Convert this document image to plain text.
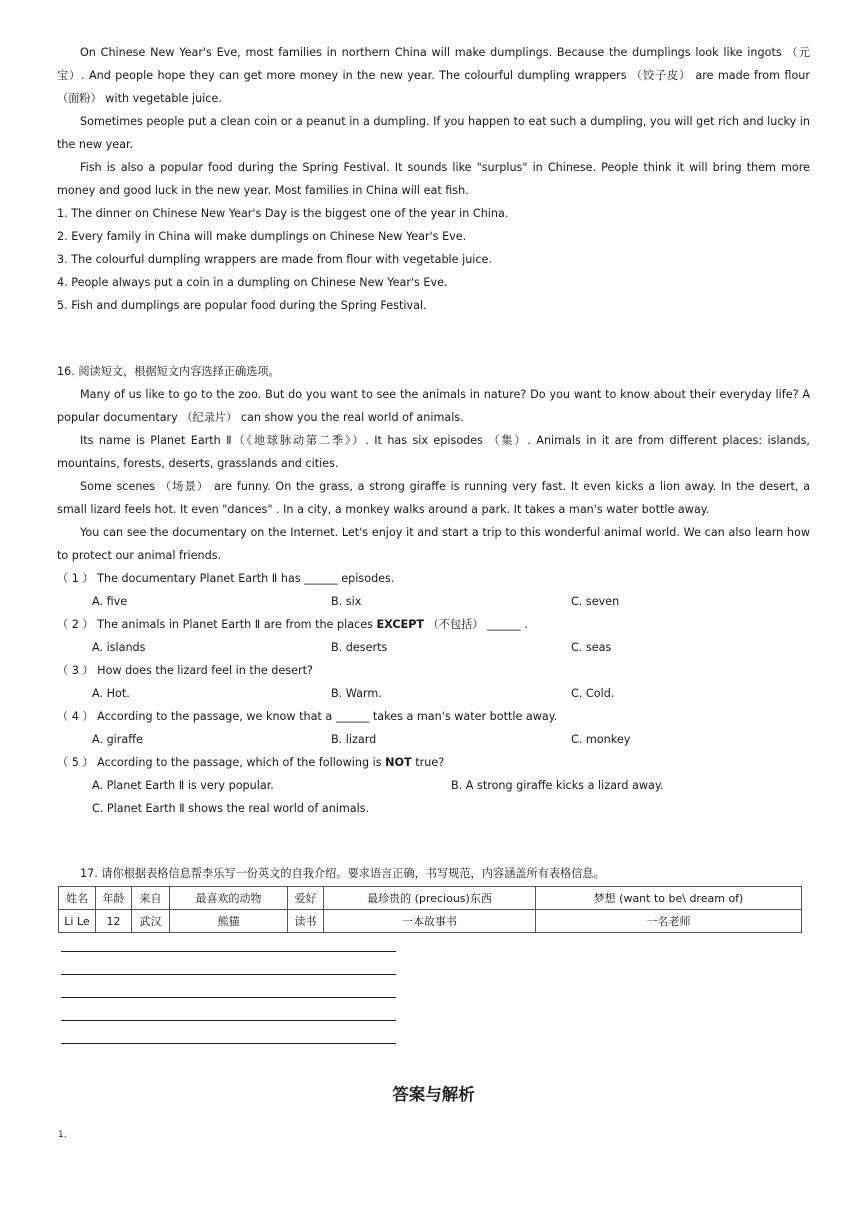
On Chinese New Year's Eve, most families in northern China will make dumplings. Because the dumplings look like ingots （元宝）. And people hope they can get more money in the new year. The colourful dumpling wrappers （饺子皮） are made from flour （面粉） with vegetable juice.
Sometimes people put a clean coin or a peanut in a dumpling. If you happen to eat such a dumpling, you will get rich and lucky in the new year.
Fish is also a popular food during the Spring Festival. It sounds like "surplus" in Chinese. People think it will bring them more money and good luck in the new year. Most families in China will eat fish.
1. The dinner on Chinese New Year's Day is the biggest one of the year in China.
2. Every family in China will make dumplings on Chinese New Year's Eve.
3. The colourful dumpling wrappers are made from flour with vegetable juice.
4. People always put a coin in a dumpling on Chinese New Year's Eve.
5. Fish and dumplings are popular food during the Spring Festival.
16. 阅读短文，根据短文内容选择正确选项。
Many of us like to go to the zoo. But do you want to see the animals in nature? Do you want to know about their everyday life? A popular documentary （纪录片） can show you the real world of animals.
Its name is Planet Earth Ⅱ（《地球脉动第二季》）. It has six episodes （集）. Animals in it are from different places: islands, mountains, forests, deserts, grasslands and cities.
Some scenes （场景） are funny. On the grass, a strong giraffe is running very fast. It even kicks a lion away. In the desert, a small lizard feels hot. It even "dances" . In a city, a monkey walks around a park. It takes a man's water bottle away.
You can see the documentary on the Internet. Let's enjoy it and start a trip to this wonderful animal world. We can also learn how to protect our animal friends.
（ 1 ） The documentary Planet Earth Ⅱ has ______ episodes.
A. five	B. six	C. seven
（ 2 ） The animals in Planet Earth Ⅱ are from the places EXCEPT （不包括） ______ .
A. islands	B. deserts	C. seas
（ 3 ） How does the lizard feel in the desert?
A. Hot.	B. Warm.	C. Cold.
（ 4 ） According to the passage, we know that a ______ takes a man's water bottle away.
A. giraffe	B. lizard	C. monkey
（ 5 ） According to the passage, which of the following is NOT true?
A. Planet Earth Ⅱ is very popular.	B. A strong giraffe kicks a lizard away.
C. Planet Earth Ⅱ shows the real world of animals.
17. 请你根据表格信息帮李乐写一份英文的自我介绍。要求语言正确，书写规范，内容涵盖所有表格信息。
姓名	年龄	来自	最喜欢的动物	爱好	最珍贵的 (precious)东西	梦想 (want to be\ dream of)
Li Le	12	武汉	熊猫	读书	一本故事书	一名老师
答案与解析
1.
